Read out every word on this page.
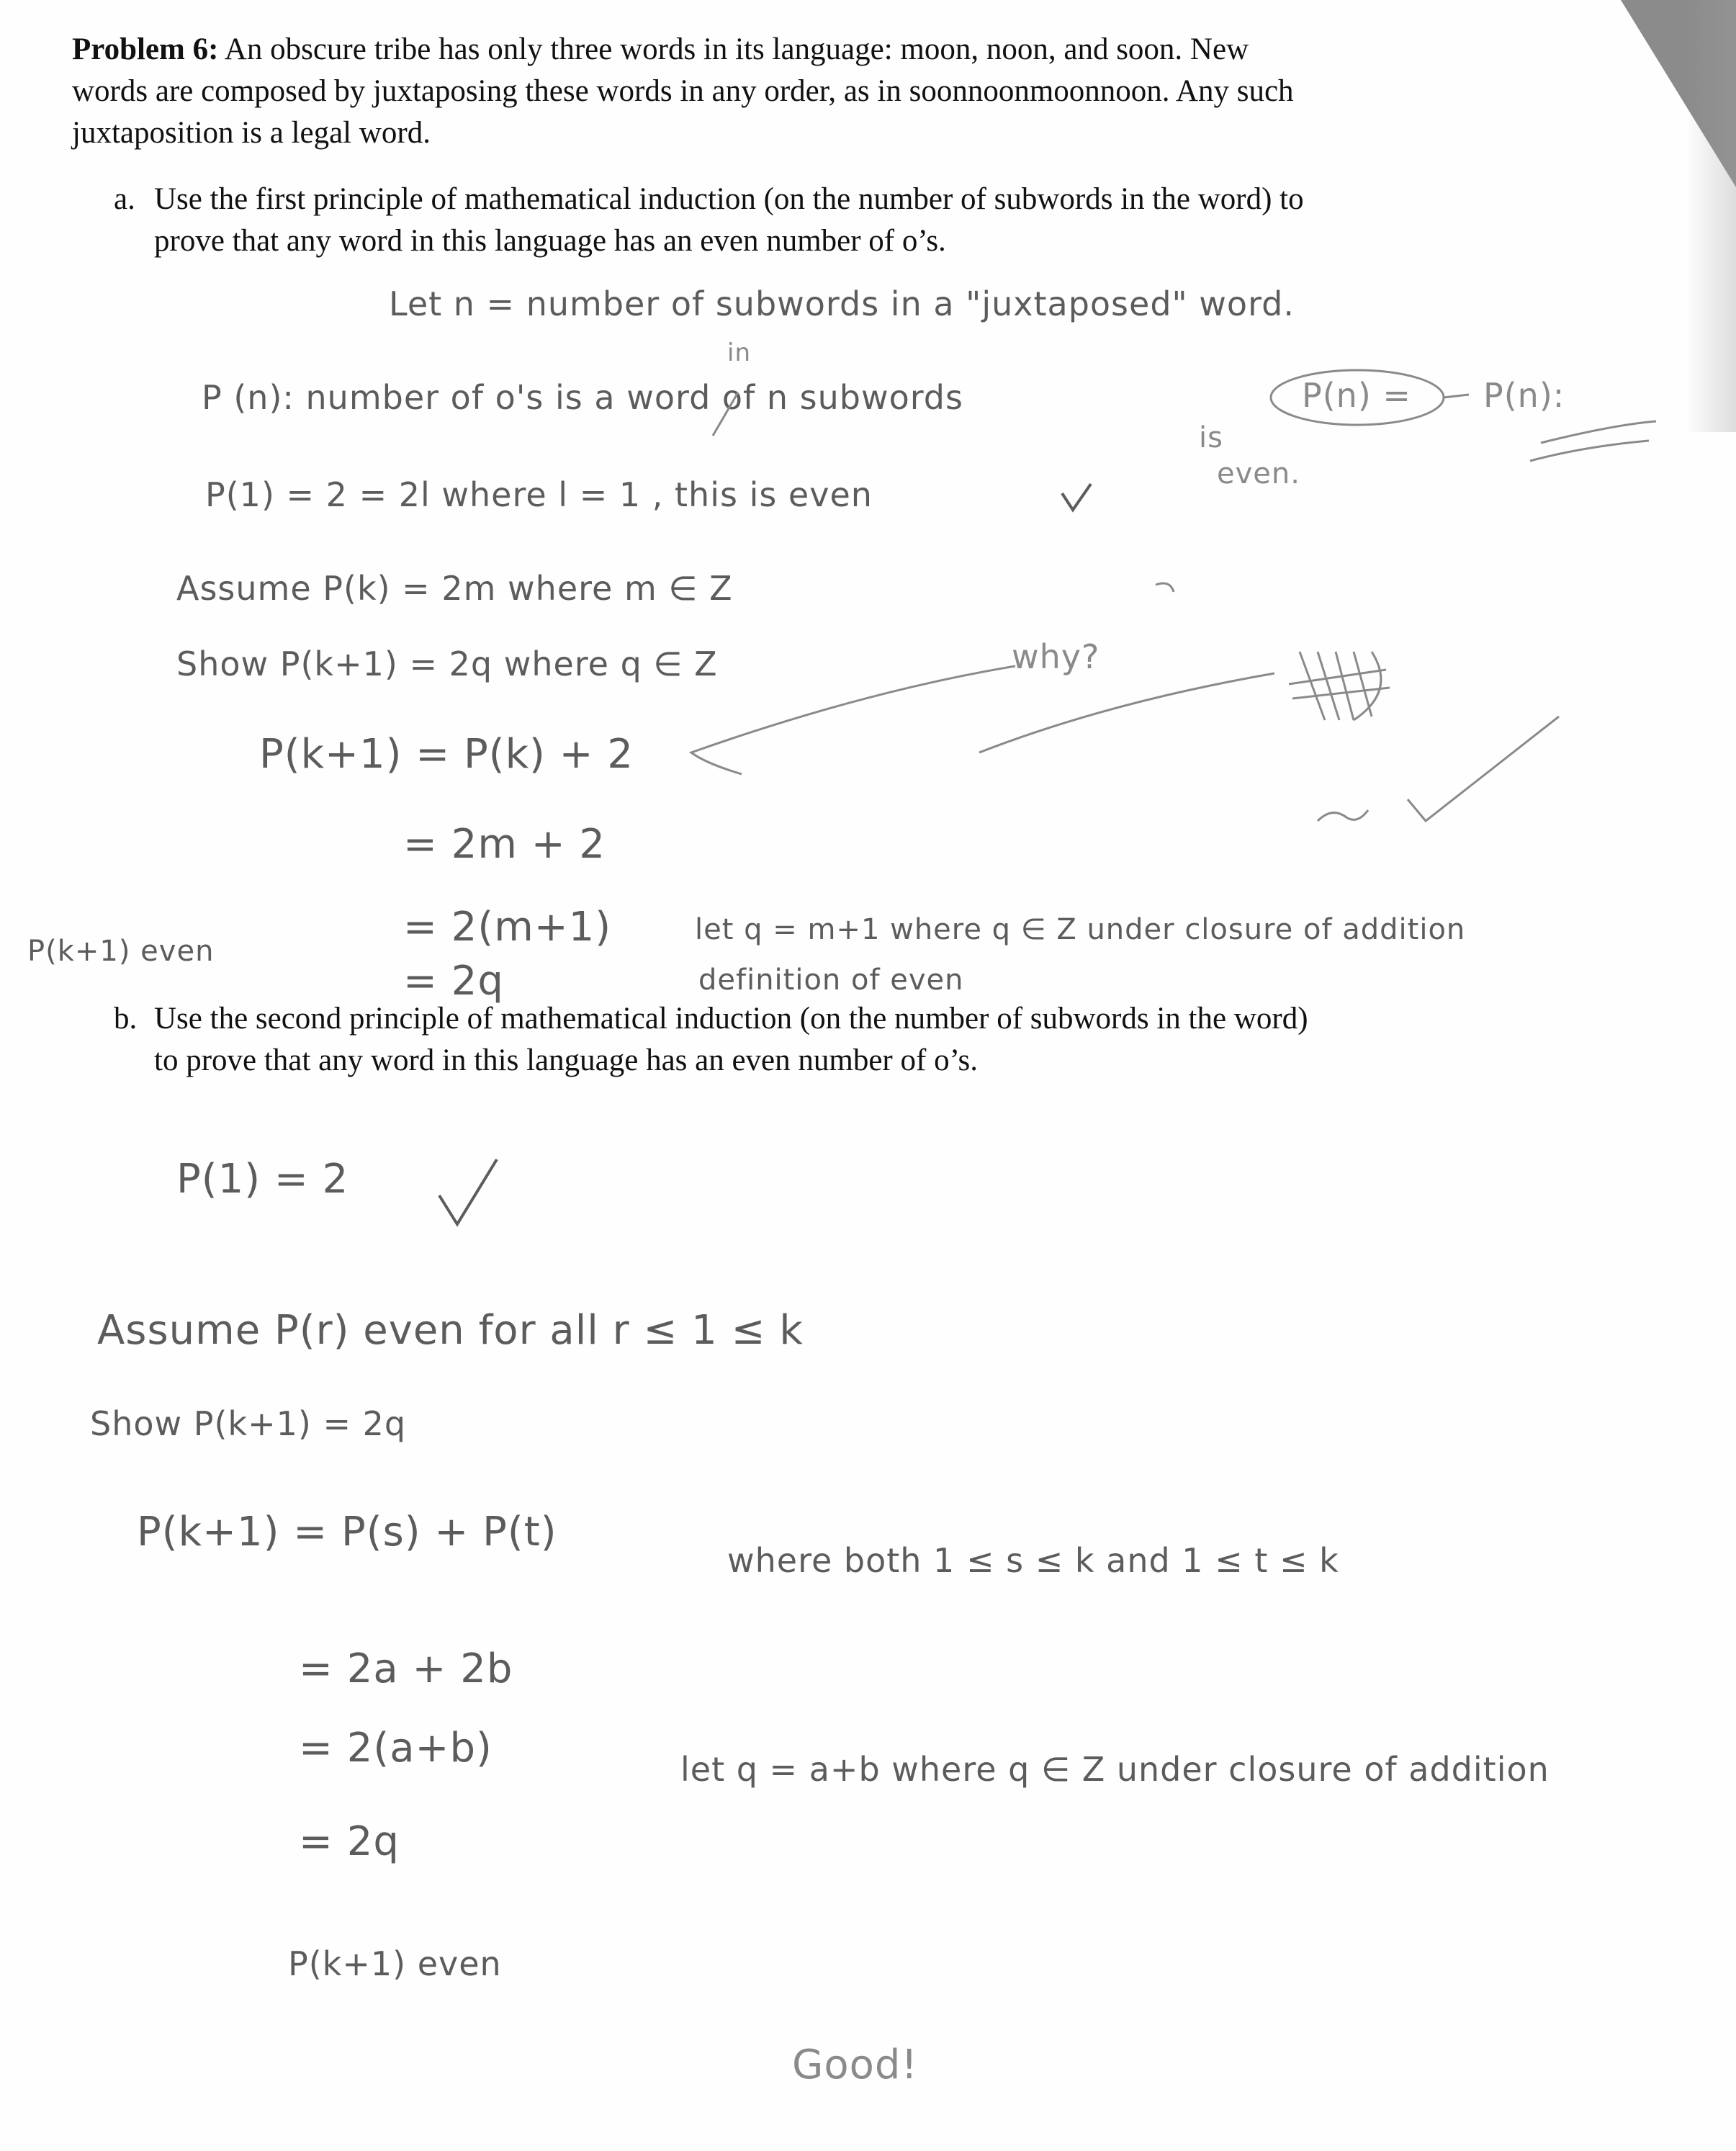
Problem 6: An obscure tribe has only three words in its language: moon, noon, and soon. New
words are composed by juxtaposing these words in any order, as in soonnoonmoonnoon. Any such
juxtaposition is a legal word.
a. Use the first principle of mathematical induction (on the number of subwords in the word) to
prove that any word in this language has an even number of o’s.
b. Use the second principle of mathematical induction (on the number of subwords in the word)
to prove that any word in this language has an even number of o’s.
Let n = number of subwords in a "juxtaposed" word.
in
P (n): number of o's is a word of n subwords	P(n) = P(n):
is
even.
P(1) = 2 = 2l where l = 1 , this is even
Assume P(k) = 2m where m ∈ Z
Show P(k+1) = 2q where q ∈ Z	why?
P(k+1) = P(k) + 2
= 2m + 2
= 2(m+1)	let q = m+1 where q ∈ Z under closure of addition
= 2q	definition of even
P(k+1) even
P(1) = 2
Assume P(r) even for all r ≤ 1 ≤ k
Show P(k+1) = 2q
P(k+1) = P(s) + P(t)
where both 1 ≤ s ≤ k and 1 ≤ t ≤ k
= 2a + 2b
= 2(a+b)	let q = a+b where q ∈ Z under closure of addition
= 2q
P(k+1) even
Good!
